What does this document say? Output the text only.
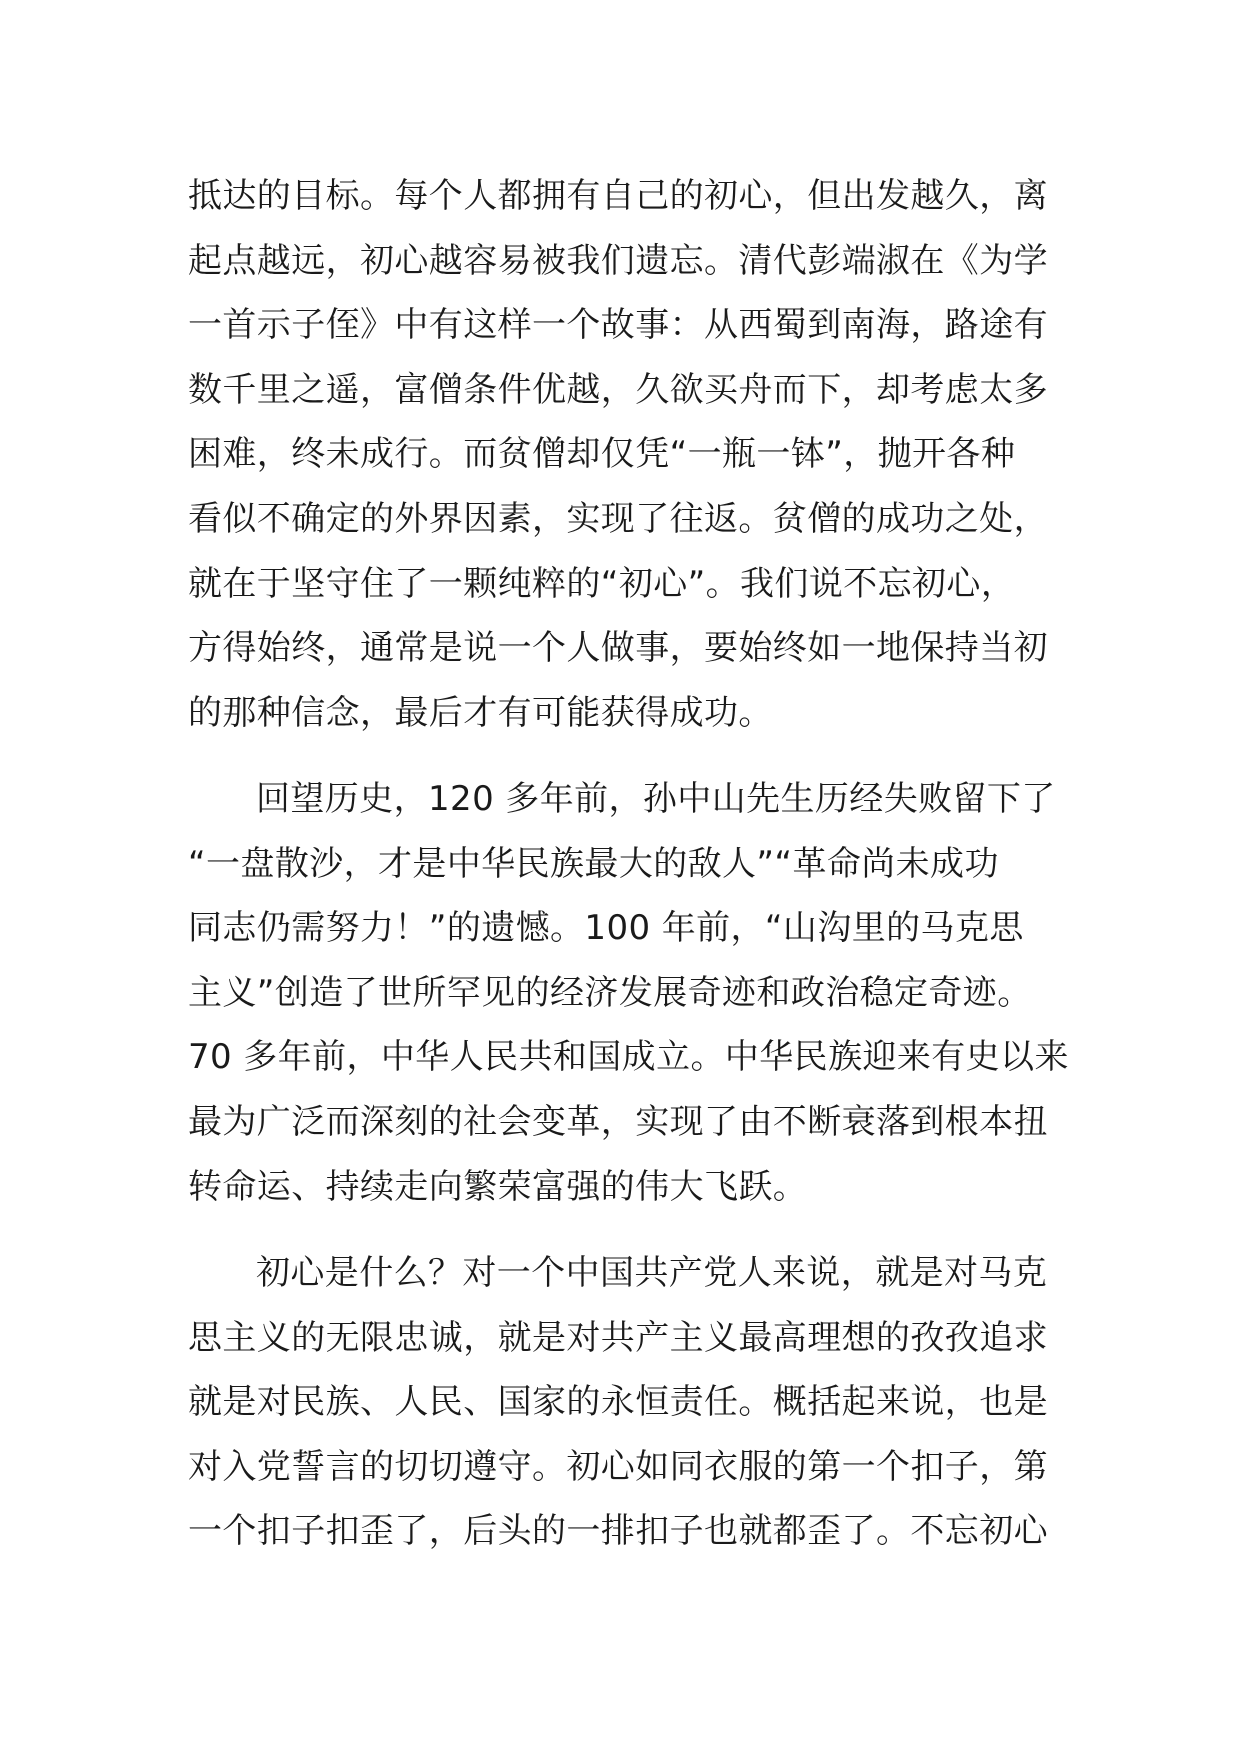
抵达的目标。每个人都拥有自己的初心，但出发越久，离
起点越远，初心越容易被我们遗忘。清代彭端淑在《为学
一首示子侄》中有这样一个故事：从西蜀到南海，路途有
数千里之遥，富僧条件优越，久欲买舟而下，却考虑太多
困难，终未成行。而贫僧却仅凭“一瓶一钵”，抛开各种
看似不确定的外界因素，实现了往返。贫僧的成功之处，
就在于坚守住了一颗纯粹的“初心”。我们说不忘初心，
方得始终，通常是说一个人做事，要始终如一地保持当初
的那种信念，最后才有可能获得成功。
回望历史，120 多年前，孙中山先生历经失败留下了
“一盘散沙，才是中华民族最大的敌人”“革命尚未成功
同志仍需努力！”的遗憾。100 年前，“山沟里的马克思
主义”创造了世所罕见的经济发展奇迹和政治稳定奇迹。
70 多年前，中华人民共和国成立。中华民族迎来有史以来
最为广泛而深刻的社会变革，实现了由不断衰落到根本扭
转命运、持续走向繁荣富强的伟大飞跃。
初心是什么？对一个中国共产党人来说，就是对马克
思主义的无限忠诚，就是对共产主义最高理想的孜孜追求
就是对民族、人民、国家的永恒责任。概括起来说，也是
对入党誓言的切切遵守。初心如同衣服的第一个扣子，第
一个扣子扣歪了，后头的一排扣子也就都歪了。不忘初心
